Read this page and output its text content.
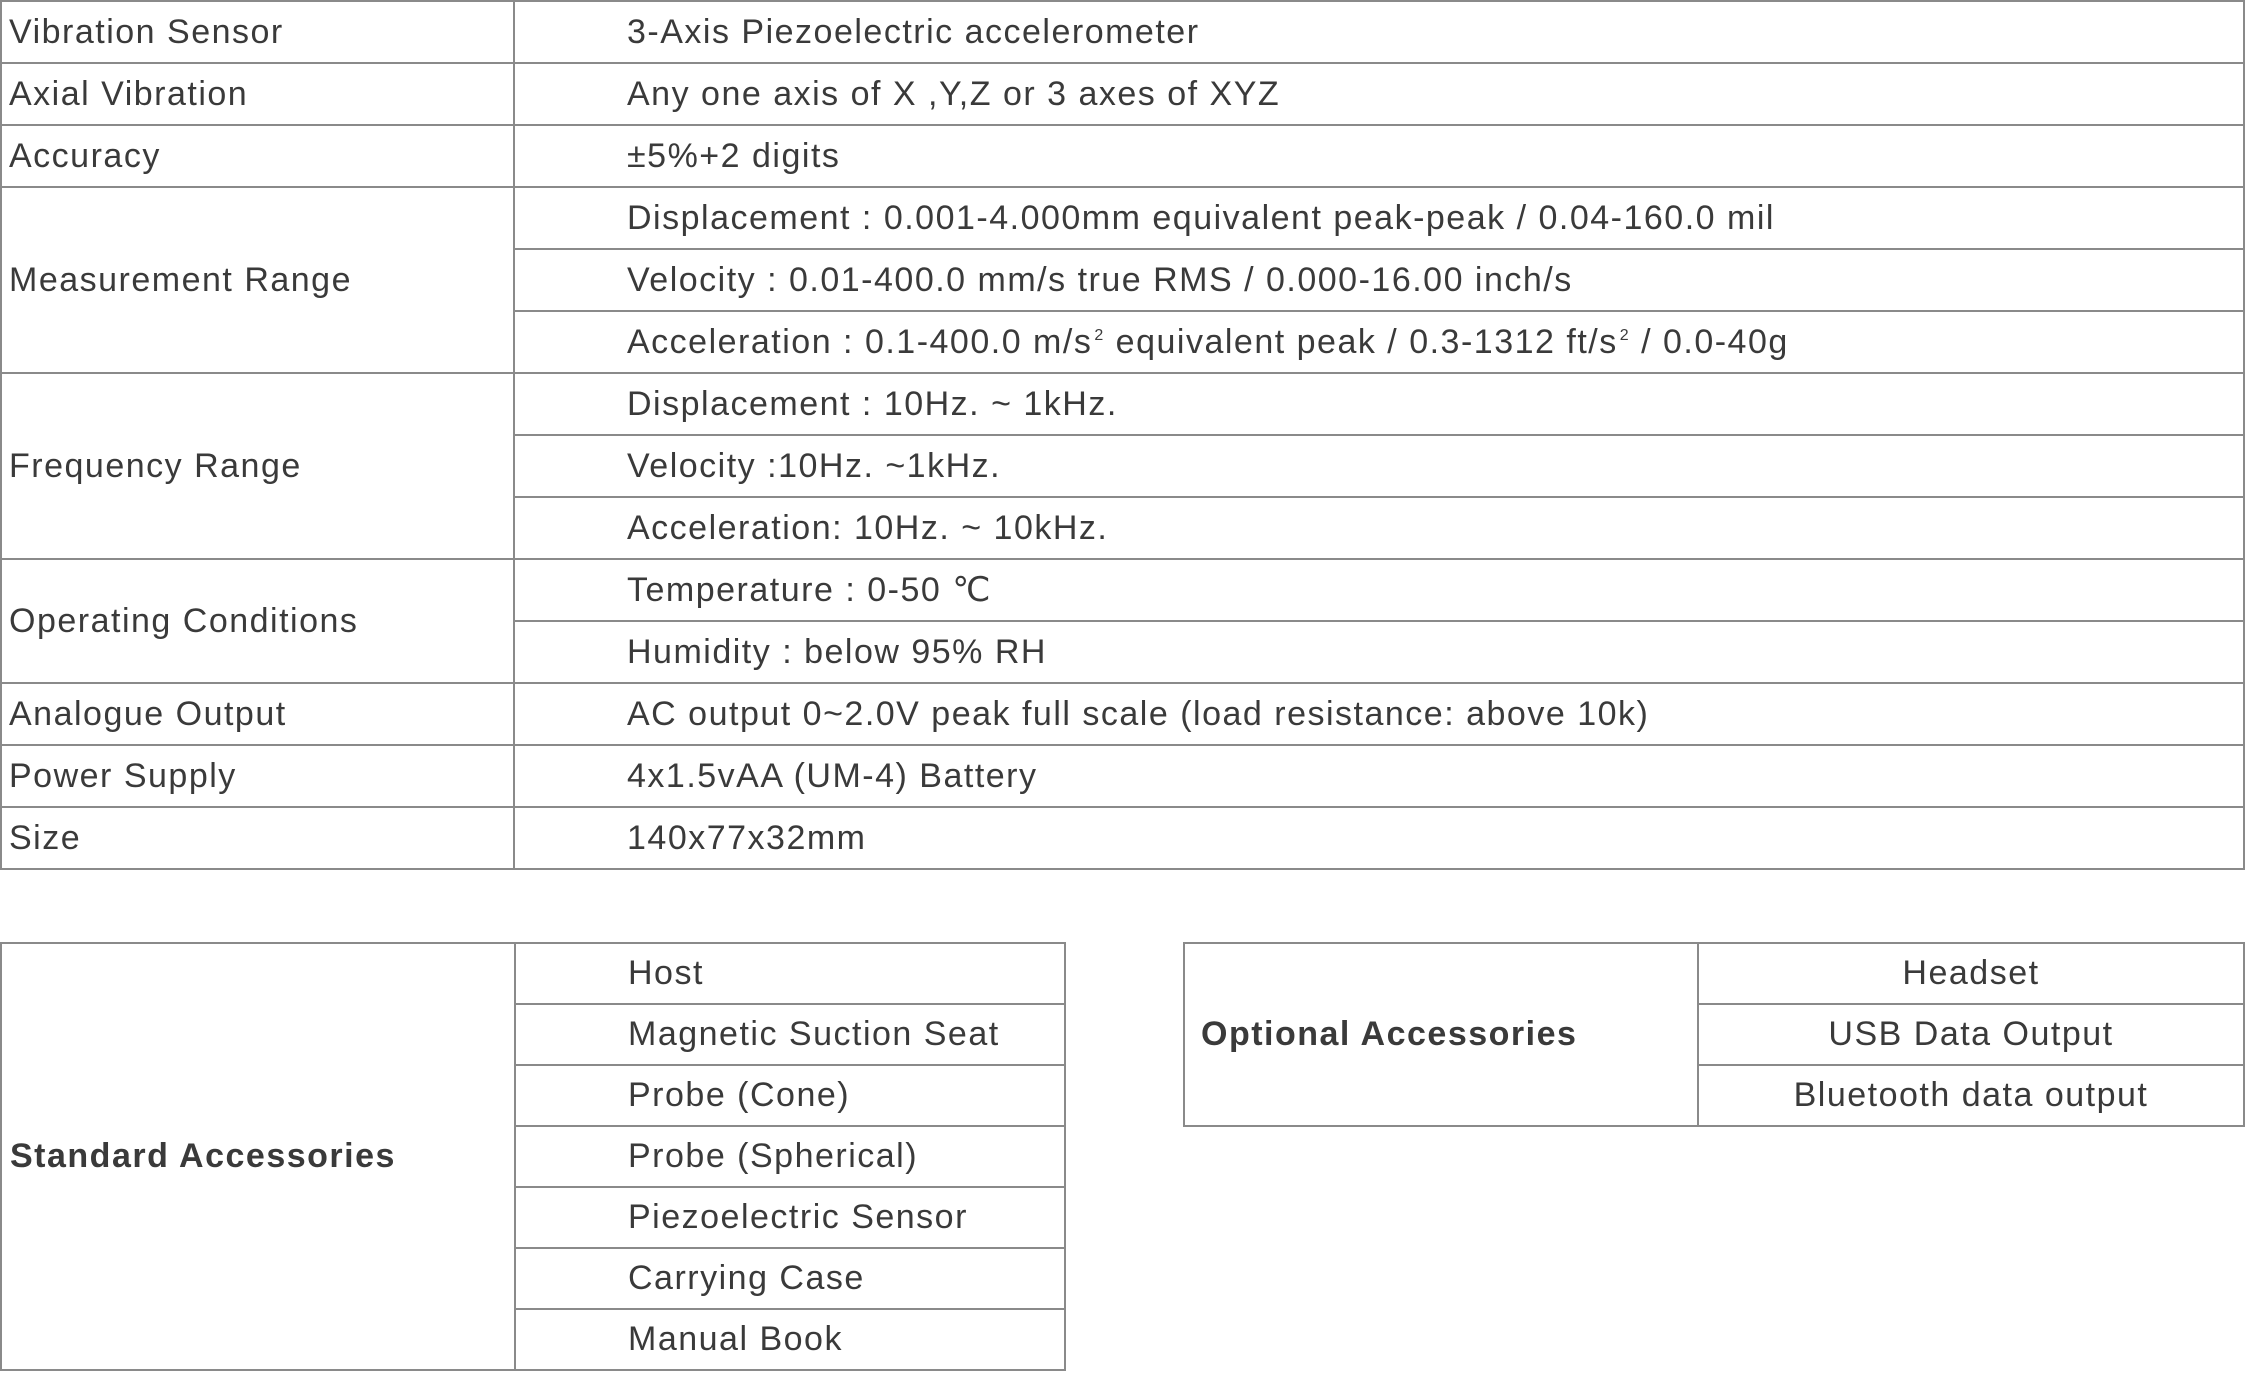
Vibration Sensor	3-Axis Piezoelectric accelerometer
Axial Vibration	Any one axis of X ,Y,Z or 3 axes of XYZ
Accuracy	±5%+2 digits
Measurement Range	Displacement : 0.001-4.000mm equivalent peak-peak / 0.04-160.0 mil
	Velocity : 0.01-400.0 mm/s true RMS / 0.000-16.00 inch/s
	Acceleration : 0.1-400.0 m/s $^2$ equivalent peak / 0.3-1312 ft/s $^2$ / 0.0-40g
Frequency Range	Displacement : 10Hz. ~ 1kHz.
	Velocity :10Hz. ~1kHz.
	Acceleration: 10Hz. ~ 10kHz.
Operating Conditions	Temperature : 0-50 ℃
	Humidity : below 95% RH
Analogue Output	AC output 0~2.0V peak full scale (load resistance: above 10k)
Power Supply	4x1.5vAA (UM-4) Battery
Size	140x77x32mm
Standard Accessories	Host
Magnetic Suction Seat
Probe (Cone)
Probe (Spherical)
Piezoelectric Sensor
Carrying Case
Manual Book
Optional Accessories	Headset
USB Data Output
Bluetooth data output
